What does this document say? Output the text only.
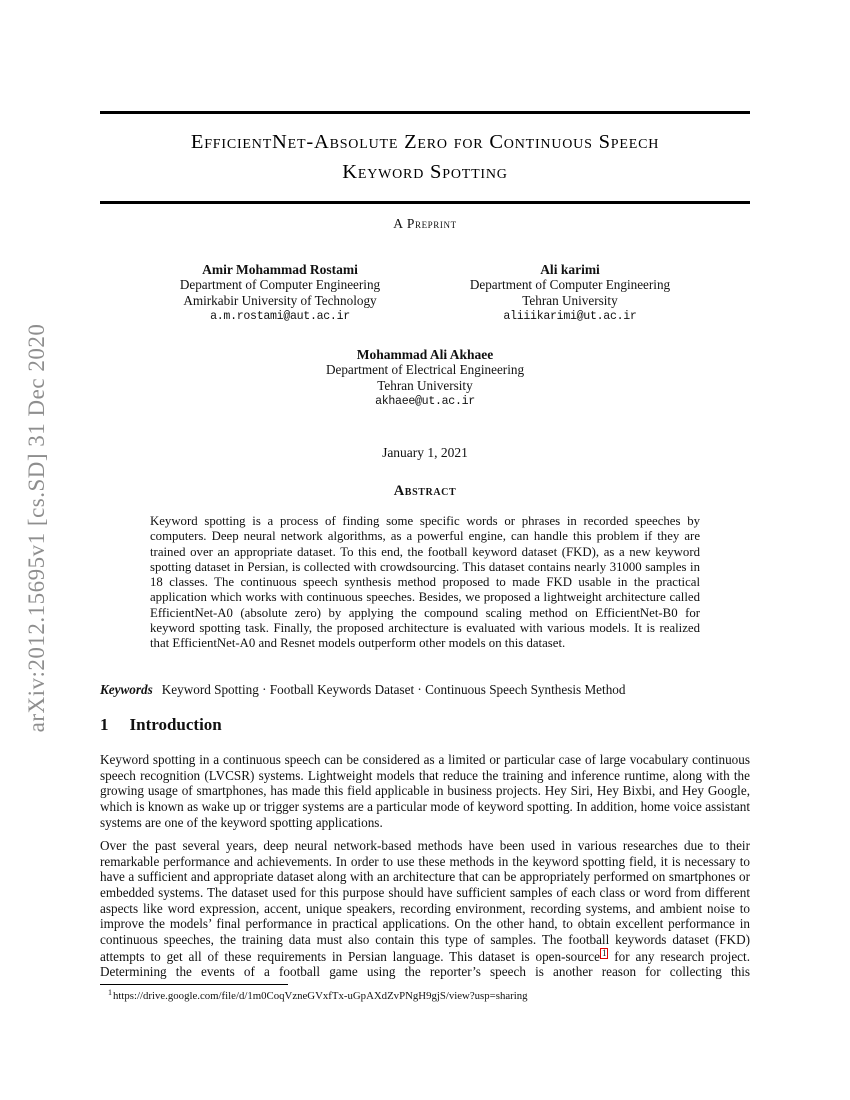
arXiv:2012.15695v1 [cs.SD] 31 Dec 2020
EfficientNet-Absolute Zero for Continuous Speech
Keyword Spotting
A Preprint
Amir Mohammad Rostami
Department of Computer Engineering
Amirkabir University of Technology
a.m.rostami@aut.ac.ir
Ali karimi
Department of Computer Engineering
Tehran University
aliiikarimi@ut.ac.ir
Mohammad Ali Akhaee
Department of Electrical Engineering
Tehran University
akhaee@ut.ac.ir
January 1, 2021
Abstract
Keyword spotting is a process of finding some specific words or phrases in recorded speeches by computers. Deep neural network algorithms, as a powerful engine, can handle this problem if they are trained over an appropriate dataset. To this end, the football keyword dataset (FKD), as a new keyword spotting dataset in Persian, is collected with crowdsourcing. This dataset contains nearly 31000 samples in 18 classes. The continuous speech synthesis method proposed to made FKD usable in the practical application which works with continuous speeches. Besides, we proposed a lightweight architecture called EfficientNet-A0 (absolute zero) by applying the compound scaling method on EfficientNet-B0 for keyword spotting task. Finally, the proposed architecture is evaluated with various models. It is realized that EfficientNet-A0 and Resnet models outperform other models on this dataset.
Keywords Keyword Spotting · Football Keywords Dataset · Continuous Speech Synthesis Method
1 Introduction
Keyword spotting in a continuous speech can be considered as a limited or particular case of large vocabulary continuous speech recognition (LVCSR) systems. Lightweight models that reduce the training and inference runtime, along with the growing usage of smartphones, has made this field applicable in business projects. Hey Siri, Hey Bixbi, and Hey Google, which is known as wake up or trigger systems are a particular mode of keyword spotting. In addition, home voice assistant systems are one of the keyword spotting applications.
Over the past several years, deep neural network-based methods have been used in various researches due to their remarkable performance and achievements. In order to use these methods in the keyword spotting field, it is necessary to have a sufficient and appropriate dataset along with an architecture that can be appropriately performed on smartphones or embedded systems. The dataset used for this purpose should have sufficient samples of each class or word from different aspects like word expression, accent, unique speakers, recording environment, recording systems, and ambient noise to improve the models’ final performance in practical applications. On the other hand, to obtain excellent performance in continuous speeches, the training data must also contain this type of samples. The football keywords dataset (FKD) attempts to get all of these requirements in Persian language. This dataset is open-source 1 for any research project. Determining the events of a football game using the reporter’s speech is another reason for collecting this
$^1$https://drive.google.com/file/d/1m0CoqVzneGVxfTx-uGpAXdZvPNgH9gjS/view?usp=sharing
